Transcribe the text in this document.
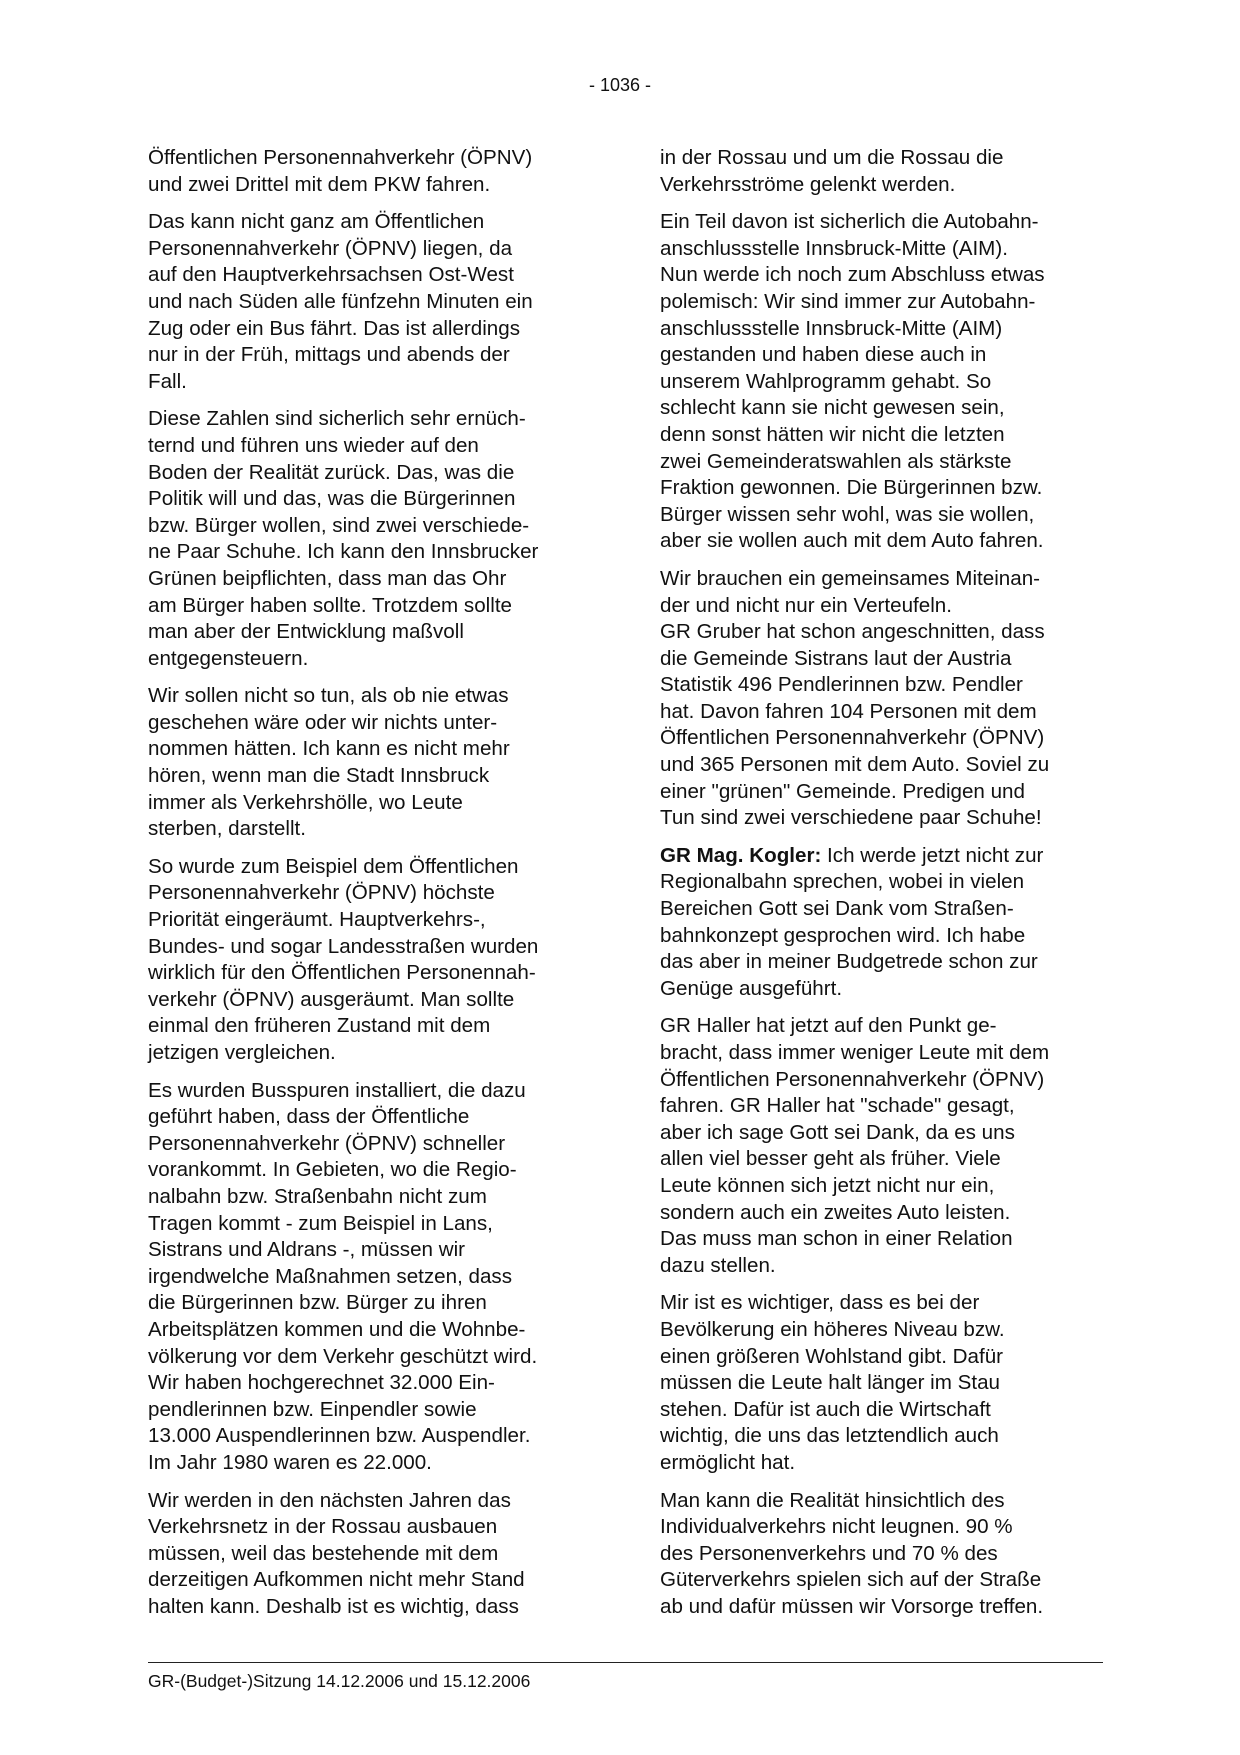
- 1036 -

Öffentlichen Personennahverkehr (ÖPNV)
und zwei Drittel mit dem PKW fahren.

Das kann nicht ganz am Öffentlichen
Personennahverkehr (ÖPNV) liegen, da
auf den Hauptverkehrsachsen Ost-West
und nach Süden alle fünfzehn Minuten ein
Zug oder ein Bus fährt. Das ist allerdings
nur in der Früh, mittags und abends der
Fall.

Diese Zahlen sind sicherlich sehr ernüch-
ternd und führen uns wieder auf den
Boden der Realität zurück. Das, was die
Politik will und das, was die Bürgerinnen
bzw. Bürger wollen, sind zwei verschiede-
ne Paar Schuhe. Ich kann den Innsbrucker
Grünen beipflichten, dass man das Ohr
am Bürger haben sollte. Trotzdem sollte
man aber der Entwicklung maßvoll
entgegensteuern.

Wir sollen nicht so tun, als ob nie etwas
geschehen wäre oder wir nichts unter-
nommen hätten. Ich kann es nicht mehr
hören, wenn man die Stadt Innsbruck
immer als Verkehrshölle, wo Leute
sterben, darstellt.

So wurde zum Beispiel dem Öffentlichen
Personennahverkehr (ÖPNV) höchste
Priorität eingeräumt. Hauptverkehrs-,
Bundes- und sogar Landesstraßen wurden
wirklich für den Öffentlichen Personennah-
verkehr (ÖPNV) ausgeräumt. Man sollte
einmal den früheren Zustand mit dem
jetzigen vergleichen.

Es wurden Busspuren installiert, die dazu
geführt haben, dass der Öffentliche
Personennahverkehr (ÖPNV) schneller
vorankommt. In Gebieten, wo die Regio-
nalbahn bzw. Straßenbahn nicht zum
Tragen kommt - zum Beispiel in Lans,
Sistrans und Aldrans -, müssen wir
irgendwelche Maßnahmen setzen, dass
die Bürgerinnen bzw. Bürger zu ihren
Arbeitsplätzen kommen und die Wohnbe-
völkerung vor dem Verkehr geschützt wird.
Wir haben hochgerechnet 32.000 Ein-
pendlerinnen bzw. Einpendler sowie
13.000 Auspendlerinnen bzw. Auspendler.
Im Jahr 1980 waren es 22.000.

Wir werden in den nächsten Jahren das
Verkehrsnetz in der Rossau ausbauen
müssen, weil das bestehende mit dem
derzeitigen Aufkommen nicht mehr Stand
halten kann. Deshalb ist es wichtig, dass

in der Rossau und um die Rossau die
Verkehrsströme gelenkt werden.

Ein Teil davon ist sicherlich die Autobahn-
anschlussstelle Innsbruck-Mitte (AIM).
Nun werde ich noch zum Abschluss etwas
polemisch: Wir sind immer zur Autobahn-
anschlussstelle Innsbruck-Mitte (AIM)
gestanden und haben diese auch in
unserem Wahlprogramm gehabt. So
schlecht kann sie nicht gewesen sein,
denn sonst hätten wir nicht die letzten
zwei Gemeinderatswahlen als stärkste
Fraktion gewonnen. Die Bürgerinnen bzw.
Bürger wissen sehr wohl, was sie wollen,
aber sie wollen auch mit dem Auto fahren.

Wir brauchen ein gemeinsames Miteinan-
der und nicht nur ein Verteufeln.
GR Gruber hat schon angeschnitten, dass
die Gemeinde Sistrans laut der Austria
Statistik 496 Pendlerinnen bzw. Pendler
hat. Davon fahren 104 Personen mit dem
Öffentlichen Personennahverkehr (ÖPNV)
und 365 Personen mit dem Auto. Soviel zu
einer "grünen" Gemeinde. Predigen und
Tun sind zwei verschiedene paar Schuhe!

GR Mag. Kogler: Ich werde jetzt nicht zur
Regionalbahn sprechen, wobei in vielen
Bereichen Gott sei Dank vom Straßen-
bahnkonzept gesprochen wird. Ich habe
das aber in meiner Budgetrede schon zur
Genüge ausgeführt.

GR Haller hat jetzt auf den Punkt ge-
bracht, dass immer weniger Leute mit dem
Öffentlichen Personennahverkehr (ÖPNV)
fahren. GR Haller hat "schade" gesagt,
aber ich sage Gott sei Dank, da es uns
allen viel besser geht als früher. Viele
Leute können sich jetzt nicht nur ein,
sondern auch ein zweites Auto leisten.
Das muss man schon in einer Relation
dazu stellen.

Mir ist es wichtiger, dass es bei der
Bevölkerung ein höheres Niveau bzw.
einen größeren Wohlstand gibt. Dafür
müssen die Leute halt länger im Stau
stehen. Dafür ist auch die Wirtschaft
wichtig, die uns das letztendlich auch
ermöglicht hat.

Man kann die Realität hinsichtlich des
Individualverkehrs nicht leugnen. 90 %
des Personenverkehrs und 70 % des
Güterverkehrs spielen sich auf der Straße
ab und dafür müssen wir Vorsorge treffen.

GR-(Budget-)Sitzung 14.12.2006 und 15.12.2006
